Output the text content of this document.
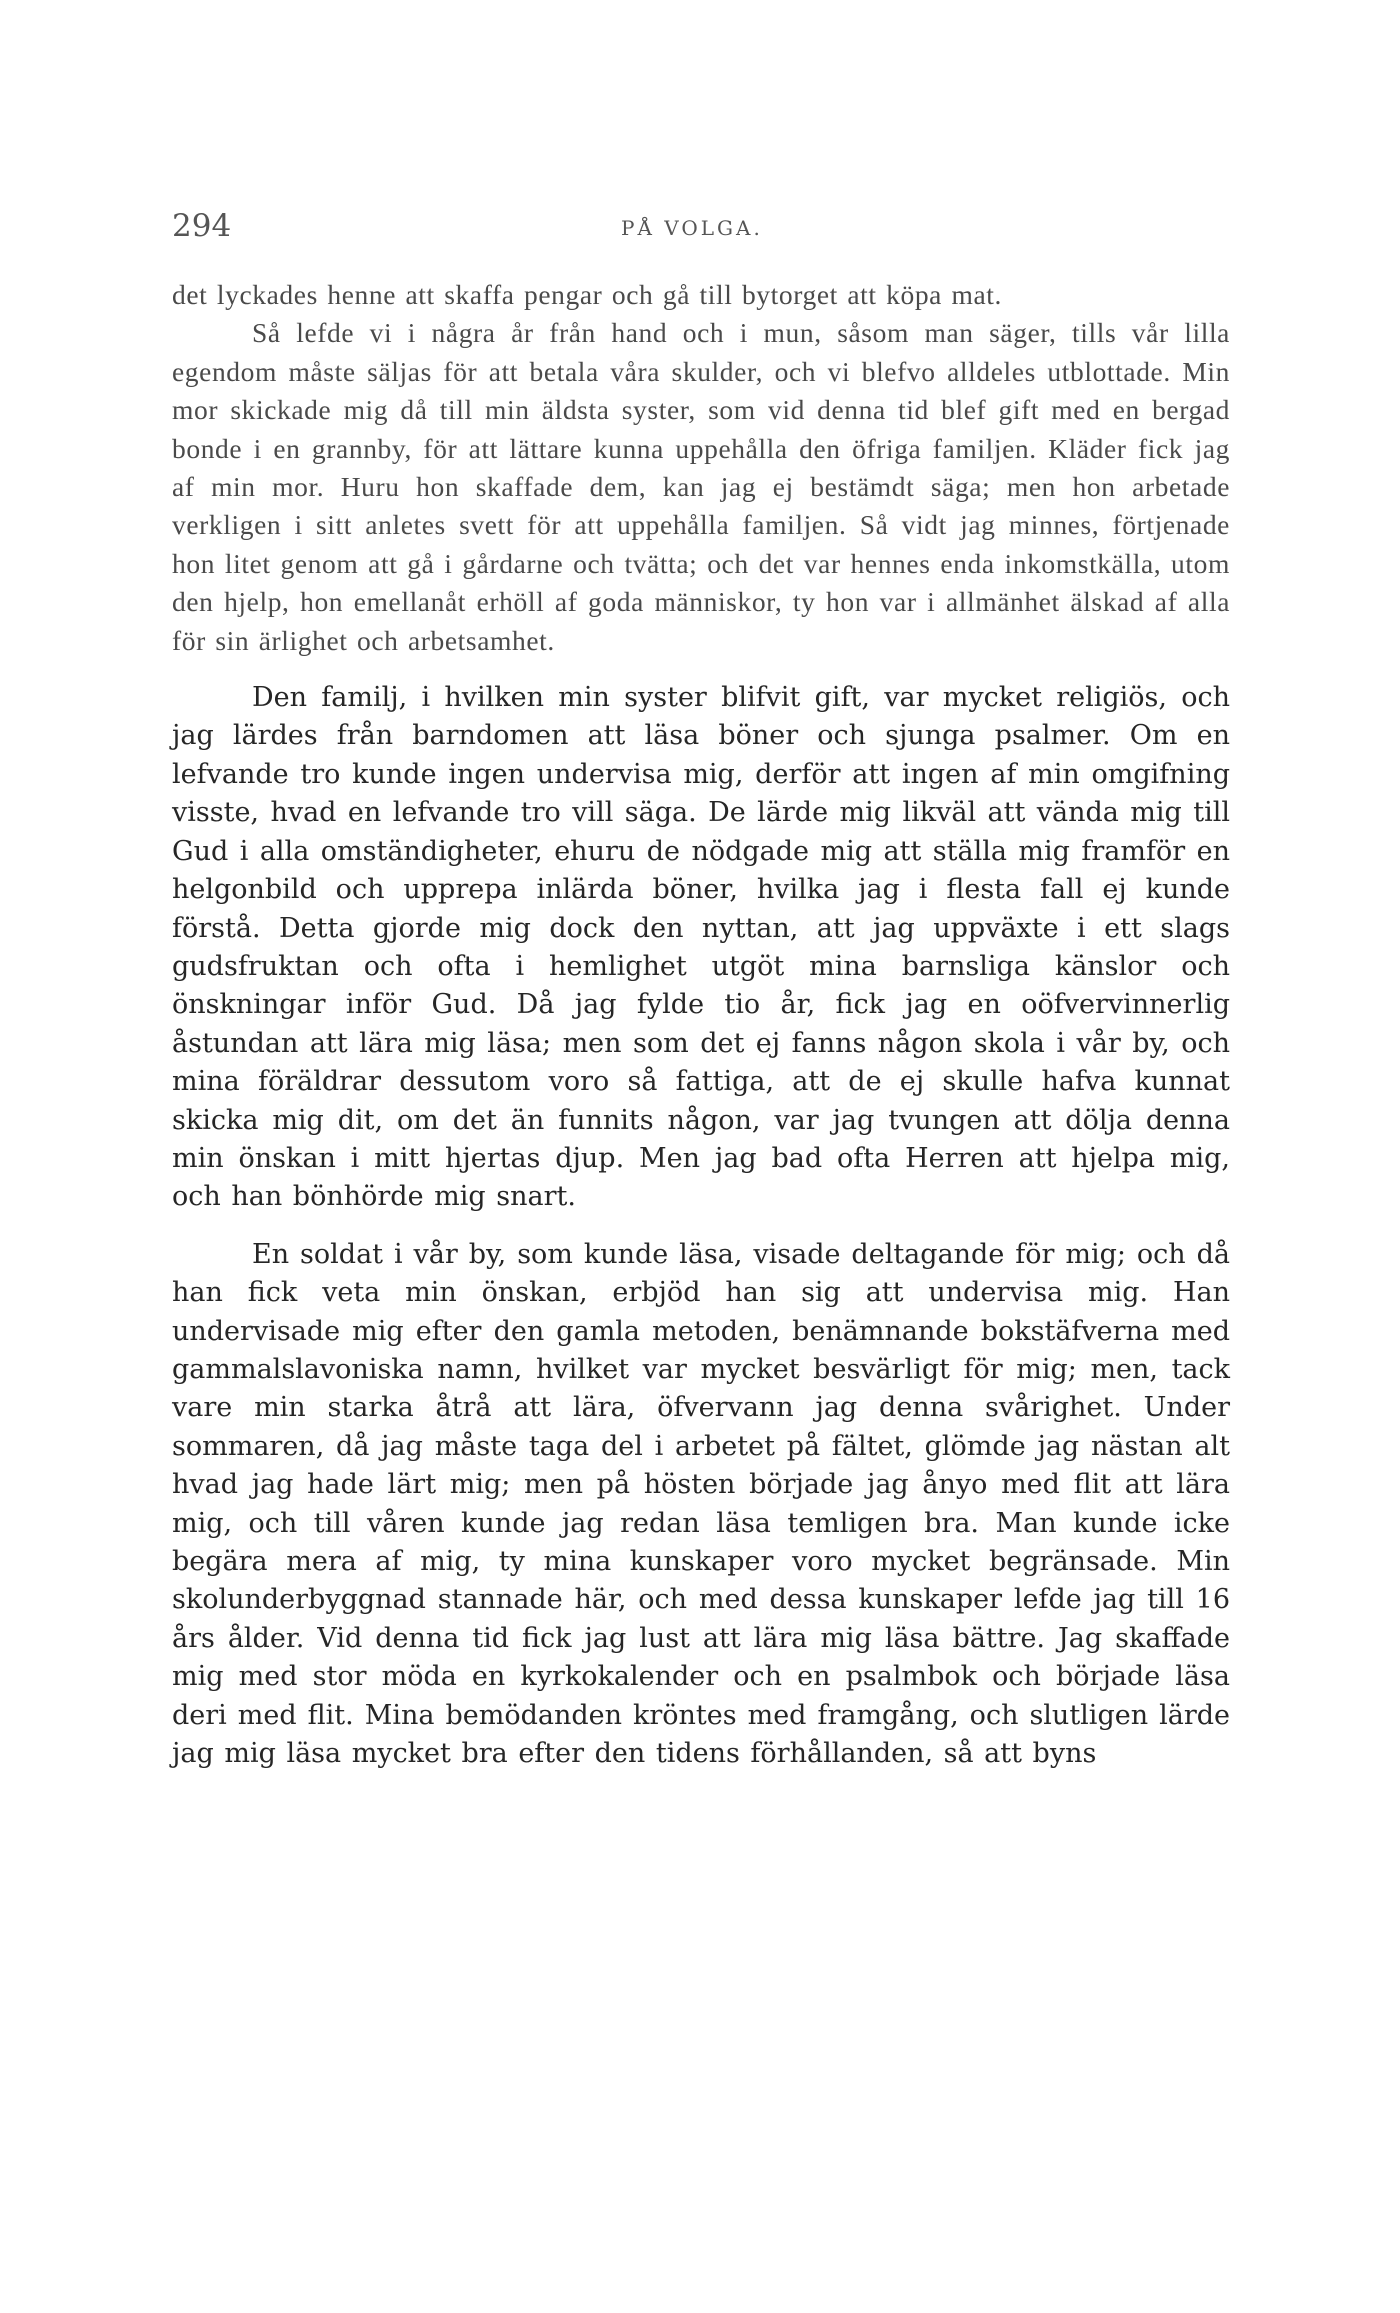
294	PÅ VOLGA.

det lyckades henne att skaffa pengar och gå till bytorget att köpa mat.

Så lefde vi i några år från hand och i mun, såsom man säger, tills vår lilla egendom måste säljas för att betala våra skulder, och vi blefvo alldeles utblottade. Min mor skickade mig då till min äldsta syster, som vid denna tid blef gift med en bergad bonde i en grannby, för att lättare kunna uppehålla den öfriga familjen. Kläder fick jag af min mor. Huru hon skaffade dem, kan jag ej bestämdt säga; men hon arbetade verkligen i sitt anletes svett för att uppehålla familjen. Så vidt jag minnes, förtjenade hon litet genom att gå i gårdarne och tvätta; och det var hennes enda inkomstkälla, utom den hjelp, hon emellanåt erhöll af goda människor, ty hon var i allmänhet älskad af alla för sin ärlighet och arbetsamhet.

Den familj, i hvilken min syster blifvit gift, var mycket religiös, och jag lärdes från barndomen att läsa böner och sjunga psalmer. Om en lefvande tro kunde ingen undervisa mig, derför att ingen af min omgifning visste, hvad en lefvande tro vill säga. De lärde mig likväl att vända mig till Gud i alla omständigheter, ehuru de nödgade mig att ställa mig framför en helgonbild och upprepa inlärda böner, hvilka jag i flesta fall ej kunde förstå. Detta gjorde mig dock den nyttan, att jag uppväxte i ett slags gudsfruktan och ofta i hemlighet utgöt mina barnsliga känslor och önskningar inför Gud. Då jag fylde tio år, fick jag en oöfvervinnerlig åstundan att lära mig läsa; men som det ej fanns någon skola i vår by, och mina föräldrar dessutom voro så fattiga, att de ej skulle hafva kunnat skicka mig dit, om det än funnits någon, var jag tvungen att dölja denna min önskan i mitt hjertas djup. Men jag bad ofta Herren att hjelpa mig, och han bönhörde mig snart.

En soldat i vår by, som kunde läsa, visade deltagande för mig; och då han fick veta min önskan, erbjöd han sig att undervisa mig. Han undervisade mig efter den gamla metoden, benämnande bokstäfverna med gammalslavoniska namn, hvilket var mycket besvärligt för mig; men, tack vare min starka åtrå att lära, öfvervann jag denna svårighet. Under sommaren, då jag måste taga del i arbetet på fältet, glömde jag nästan alt hvad jag hade lärt mig; men på hösten började jag ånyo med flit att lära mig, och till våren kunde jag redan läsa temligen bra. Man kunde icke begära mera af mig, ty mina kunskaper voro mycket begränsade. Min skolunderbyggnad stannade här, och med dessa kunskaper lefde jag till 16 års ålder. Vid denna tid fick jag lust att lära mig läsa bättre. Jag skaffade mig med stor möda en kyrkokalender och en psalmbok och började läsa deri med flit. Mina bemödanden kröntes med framgång, och slutligen lärde jag mig läsa mycket bra efter den tidens förhållanden, så att byns
